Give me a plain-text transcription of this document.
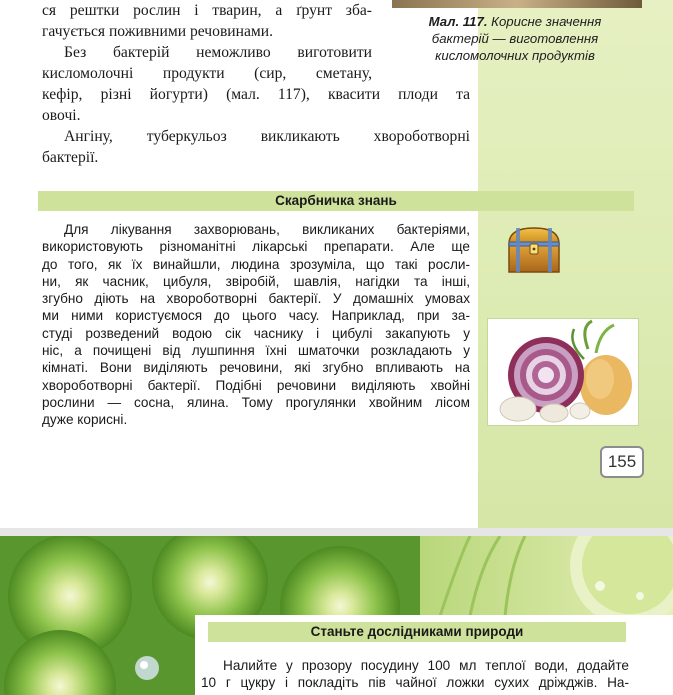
Мал. 117. Корисне значення
бактерій — виготовлення
кисломолочних продуктів

ся рештки рослин і тварин, а ґрунт зба-
гачується поживними речовинами.

Без бактерій неможливо виготовити
кисломолочні продукти (сир, сметану,
кефір, різні йогурти) (мал. 117), квасити плоди та
овочі.

Ангіну, туберкульоз викликають хвороботворні
бактерії.

Скарбничка знань
Для лікування захворювань, викликаних бактеріями,
використовують різноманітні лікарські препарати. Але ще
до того, як їх винайшли, людина зрозуміла, що такі росли-
ни, як часник, цибуля, звіробій, шавлія, нагідки та інші,
згубно діють на хвороботворні бактерії. У домашніх умовах
ми ними користуємося до цього часу. Наприклад, при за-
студі розведений водою сік часнику і цибулі закапують у
ніс, а почищені від лушпиння їхні шматочки розкладають у
кімнаті. Вони виділяють речовини, які згубно впливають на
хвороботворні бактерії. Подібні речовини виділяють хвойні
рослини — сосна, ялина. Тому прогулянки хвойним лісом
дуже корисні.
155
Станьте дослідниками природи
Налийте у прозору посудину 100 мл теплої води, додайте
10 г цукру і покладіть пів чайної ложки сухих дріжджів. На-
